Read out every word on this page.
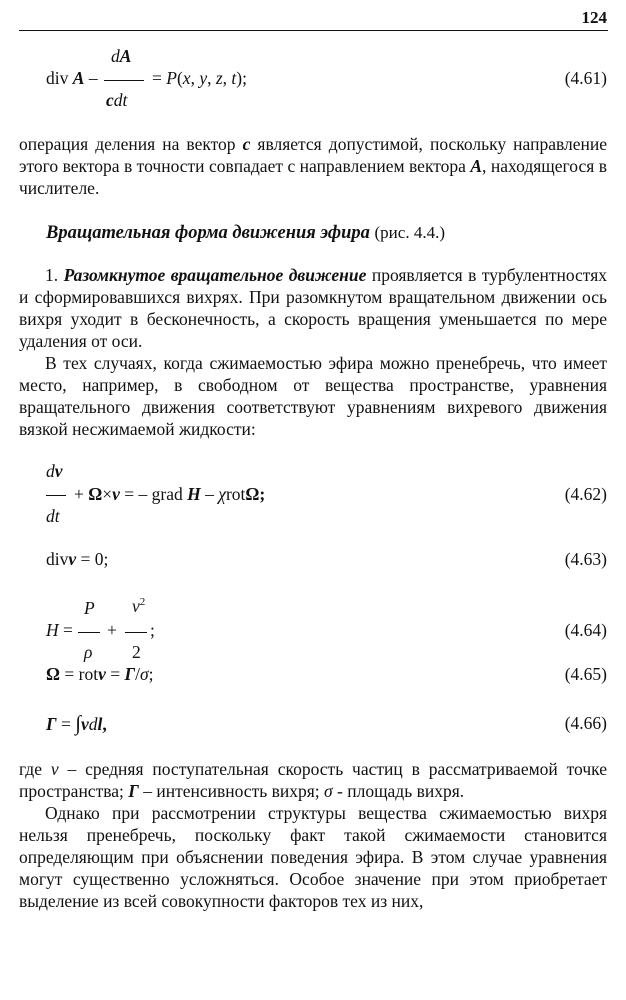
124
dA
div A –	= P(x, y, z, t);
cdt
(4.61)
операция деления на вектор c является допустимой, поскольку направление этого вектора в точности совпадает с направлением вектора A, находящегося в числителе.
Вращательная форма движения эфира (рис. 4.4.)
1. Разомкнутое вращательное движение проявляется в турбулентностях и сформировавшихся вихрях. При разомкнутом вращательном движении ось вихря уходит в бесконечность, а скорость вращения уменьшается по мере удаления от оси.
В тех случаях, когда сжимаемостью эфира можно пренебречь, что имеет место, например, в свободном от вещества пространстве, уравнения вращательного движения соответствуют уравнениям вихревого движения вязкой несжимаемой жидкости:
dv
+ Ω×v = – grad H – χrotΩ;
dt
(4.62)
divv = 0;	(4.63)
P $v^2$
H = + ;
ρ 2
(4.64)
Ω = rotv = Γ/σ;	(4.65)
Γ = ∫vdl,	(4.66)
где v – средняя поступательная скорость частиц в рассматриваемой точке пространства; Γ – интенсивность вихря; σ - площадь вихря.
Однако при рассмотрении структуры вещества сжимаемостью вихря нельзя пренебречь, поскольку факт такой сжимаемости становится определяющим при объяснении поведения эфира. В этом случае уравнения могут существенно усложняться. Особое значение при этом приобретает выделение из всей совокупности факторов тех из них,
